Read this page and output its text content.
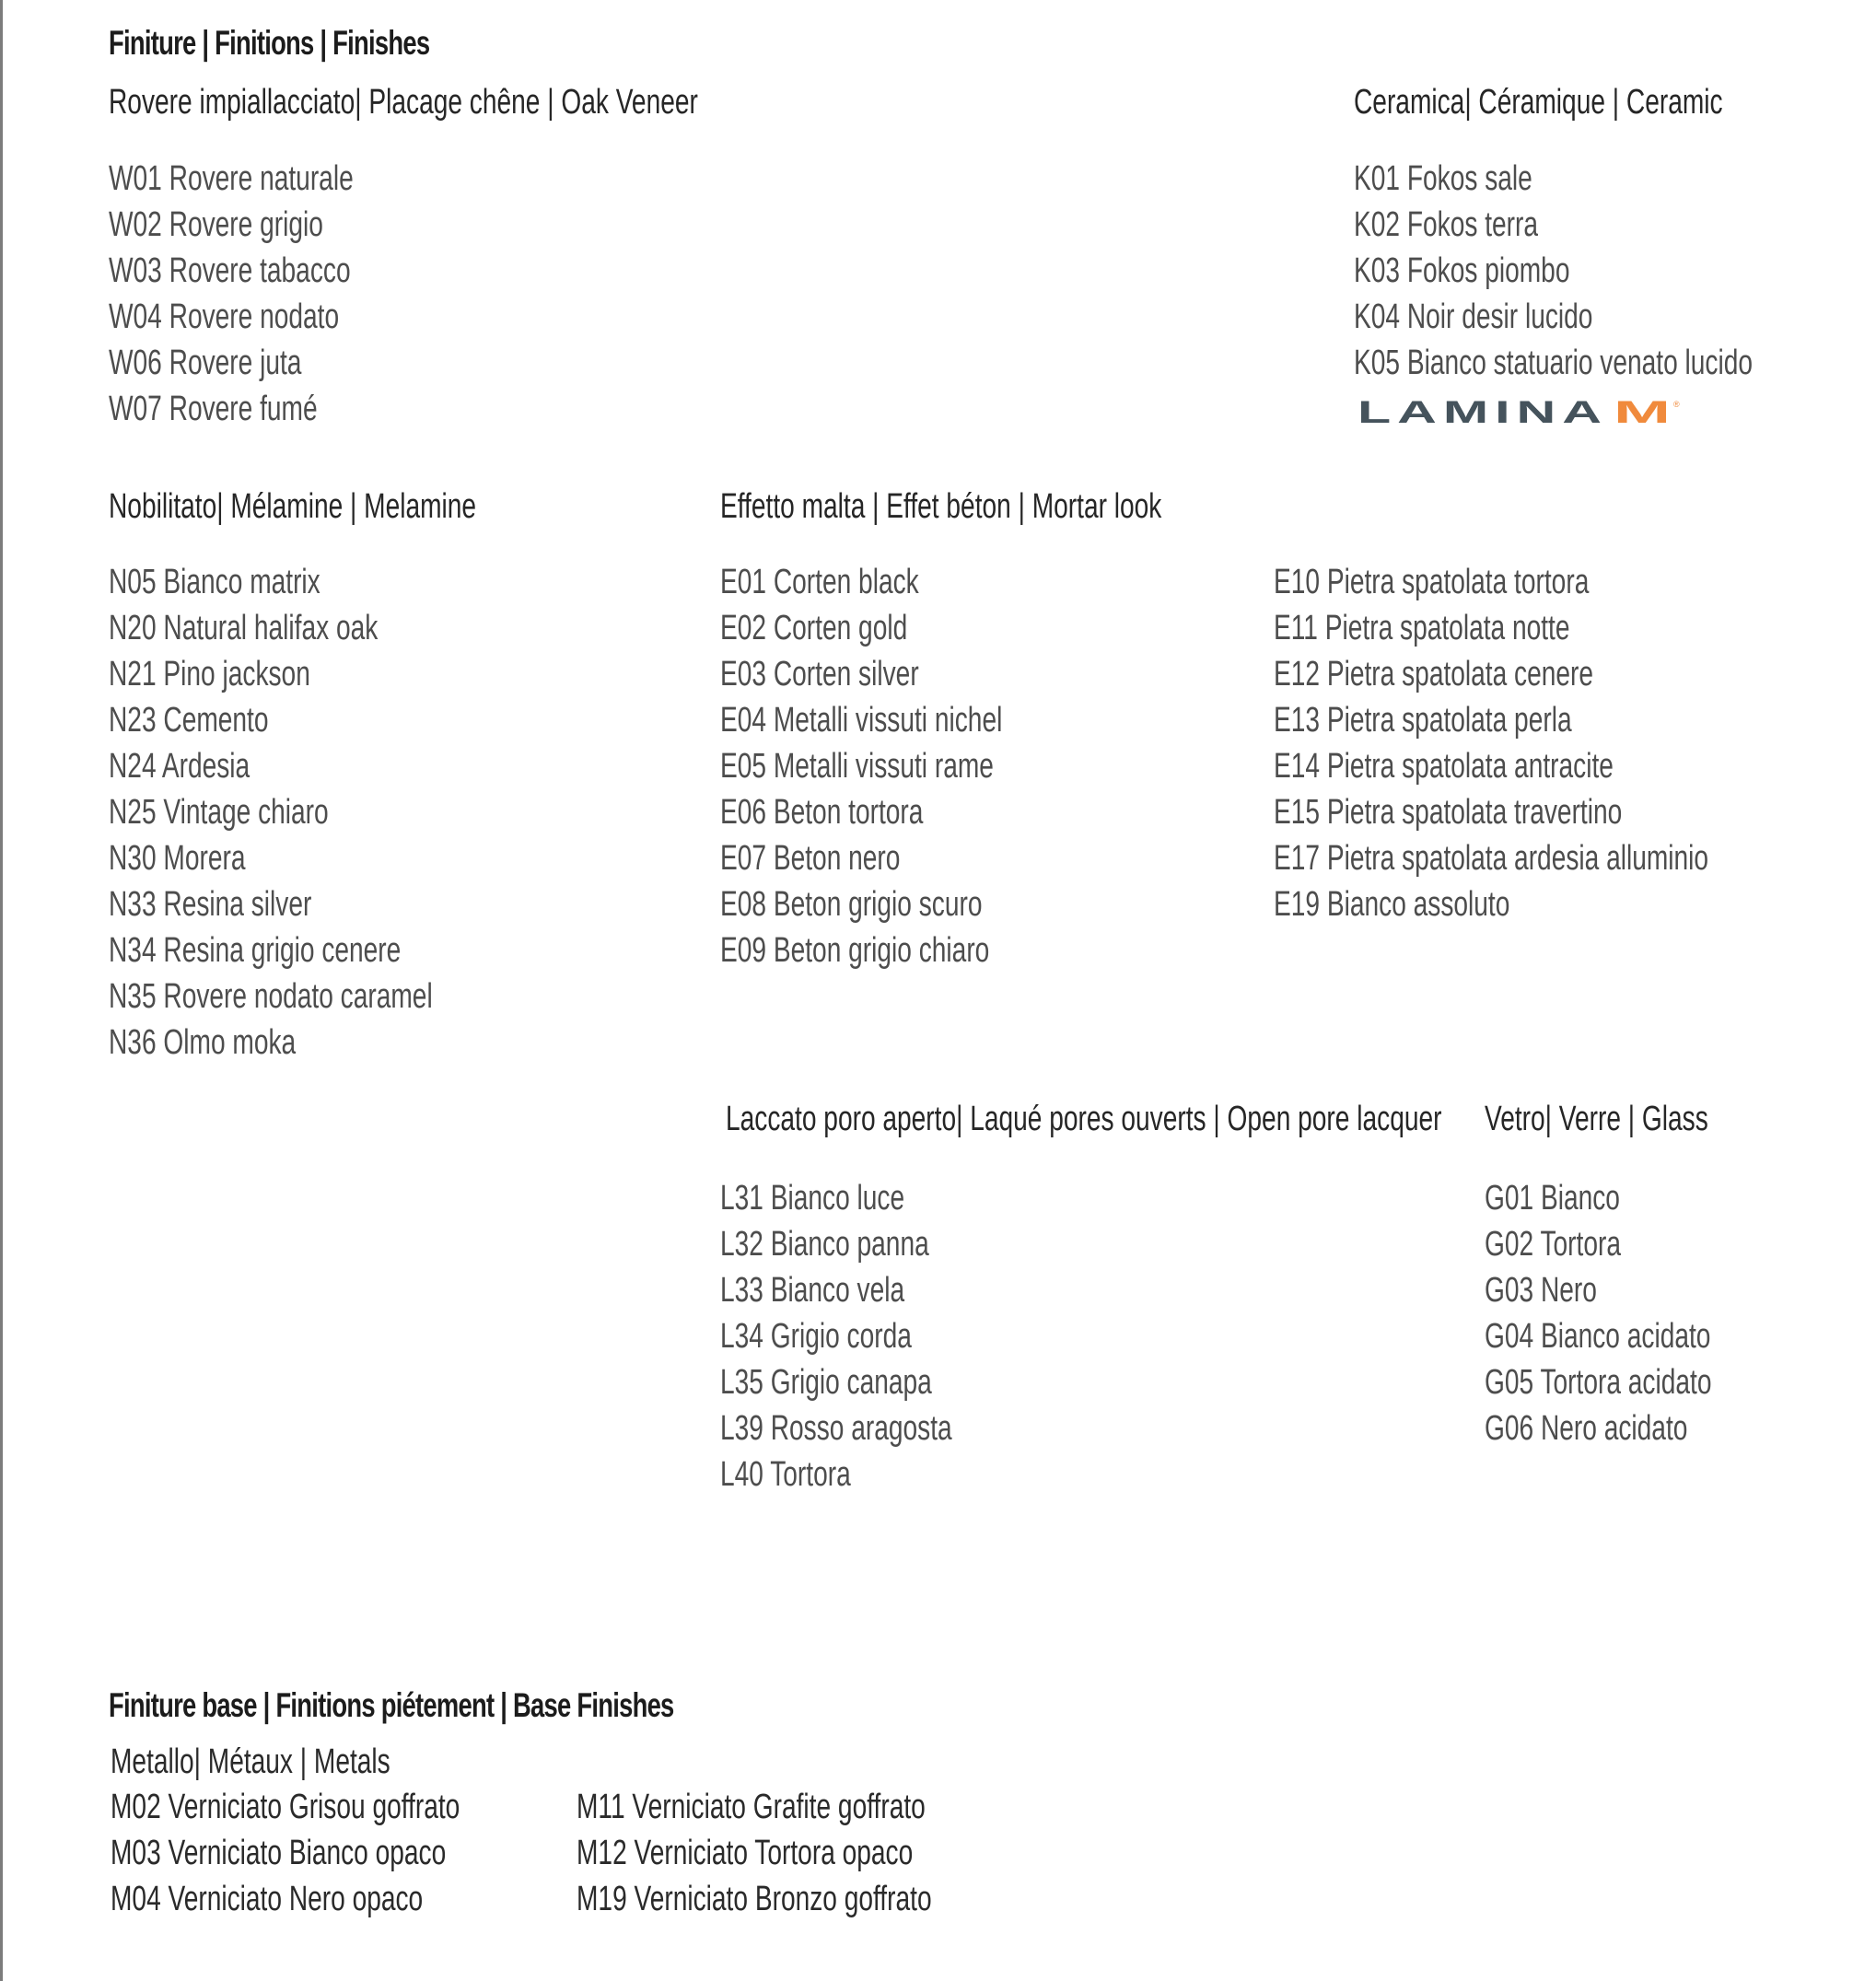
Finiture | Finitions | Finishes
Rovere impiallacciato| Placage chêne | Oak Veneer
W01 Rovere naturale
W02 Rovere grigio
W03 Rovere tabacco
W04 Rovere nodato
W06 Rovere juta
W07 Rovere fumé
Ceramica| Céramique | Ceramic
K01 Fokos sale
K02 Fokos terra
K03 Fokos piombo
K04 Noir desir lucido
K05 Bianco statuario venato lucido
LAMINA M ®
Nobilitato| Mélamine | Melamine
N05 Bianco matrix
N20 Natural halifax oak
N21 Pino jackson
N23 Cemento
N24 Ardesia
N25 Vintage chiaro
N30 Morera
N33 Resina silver
N34 Resina grigio cenere
N35 Rovere nodato caramel
N36 Olmo moka
Effetto malta | Effet béton | Mortar look
E01 Corten black
E02 Corten gold
E03 Corten silver
E04 Metalli vissuti nichel
E05 Metalli vissuti rame
E06 Beton tortora
E07 Beton nero
E08 Beton grigio scuro
E09 Beton grigio chiaro
E10 Pietra spatolata tortora
E11 Pietra spatolata notte
E12 Pietra spatolata cenere
E13 Pietra spatolata perla
E14 Pietra spatolata antracite
E15 Pietra spatolata travertino
E17 Pietra spatolata ardesia alluminio
E19 Bianco assoluto
Laccato poro aperto| Laqué pores ouverts | Open pore lacquer
L31 Bianco luce
L32 Bianco panna
L33 Bianco vela
L34 Grigio corda
L35 Grigio canapa
L39 Rosso aragosta
L40 Tortora
Vetro| Verre | Glass
G01 Bianco
G02 Tortora
G03 Nero
G04 Bianco acidato
G05 Tortora acidato
G06 Nero acidato
Finiture base | Finitions piétement | Base Finishes
Metallo| Métaux | Metals
M02 Verniciato Grisou goffrato
M03 Verniciato Bianco opaco
M04 Verniciato Nero opaco
M11 Verniciato Grafite goffrato
M12 Verniciato Tortora opaco
M19 Verniciato Bronzo goffrato
